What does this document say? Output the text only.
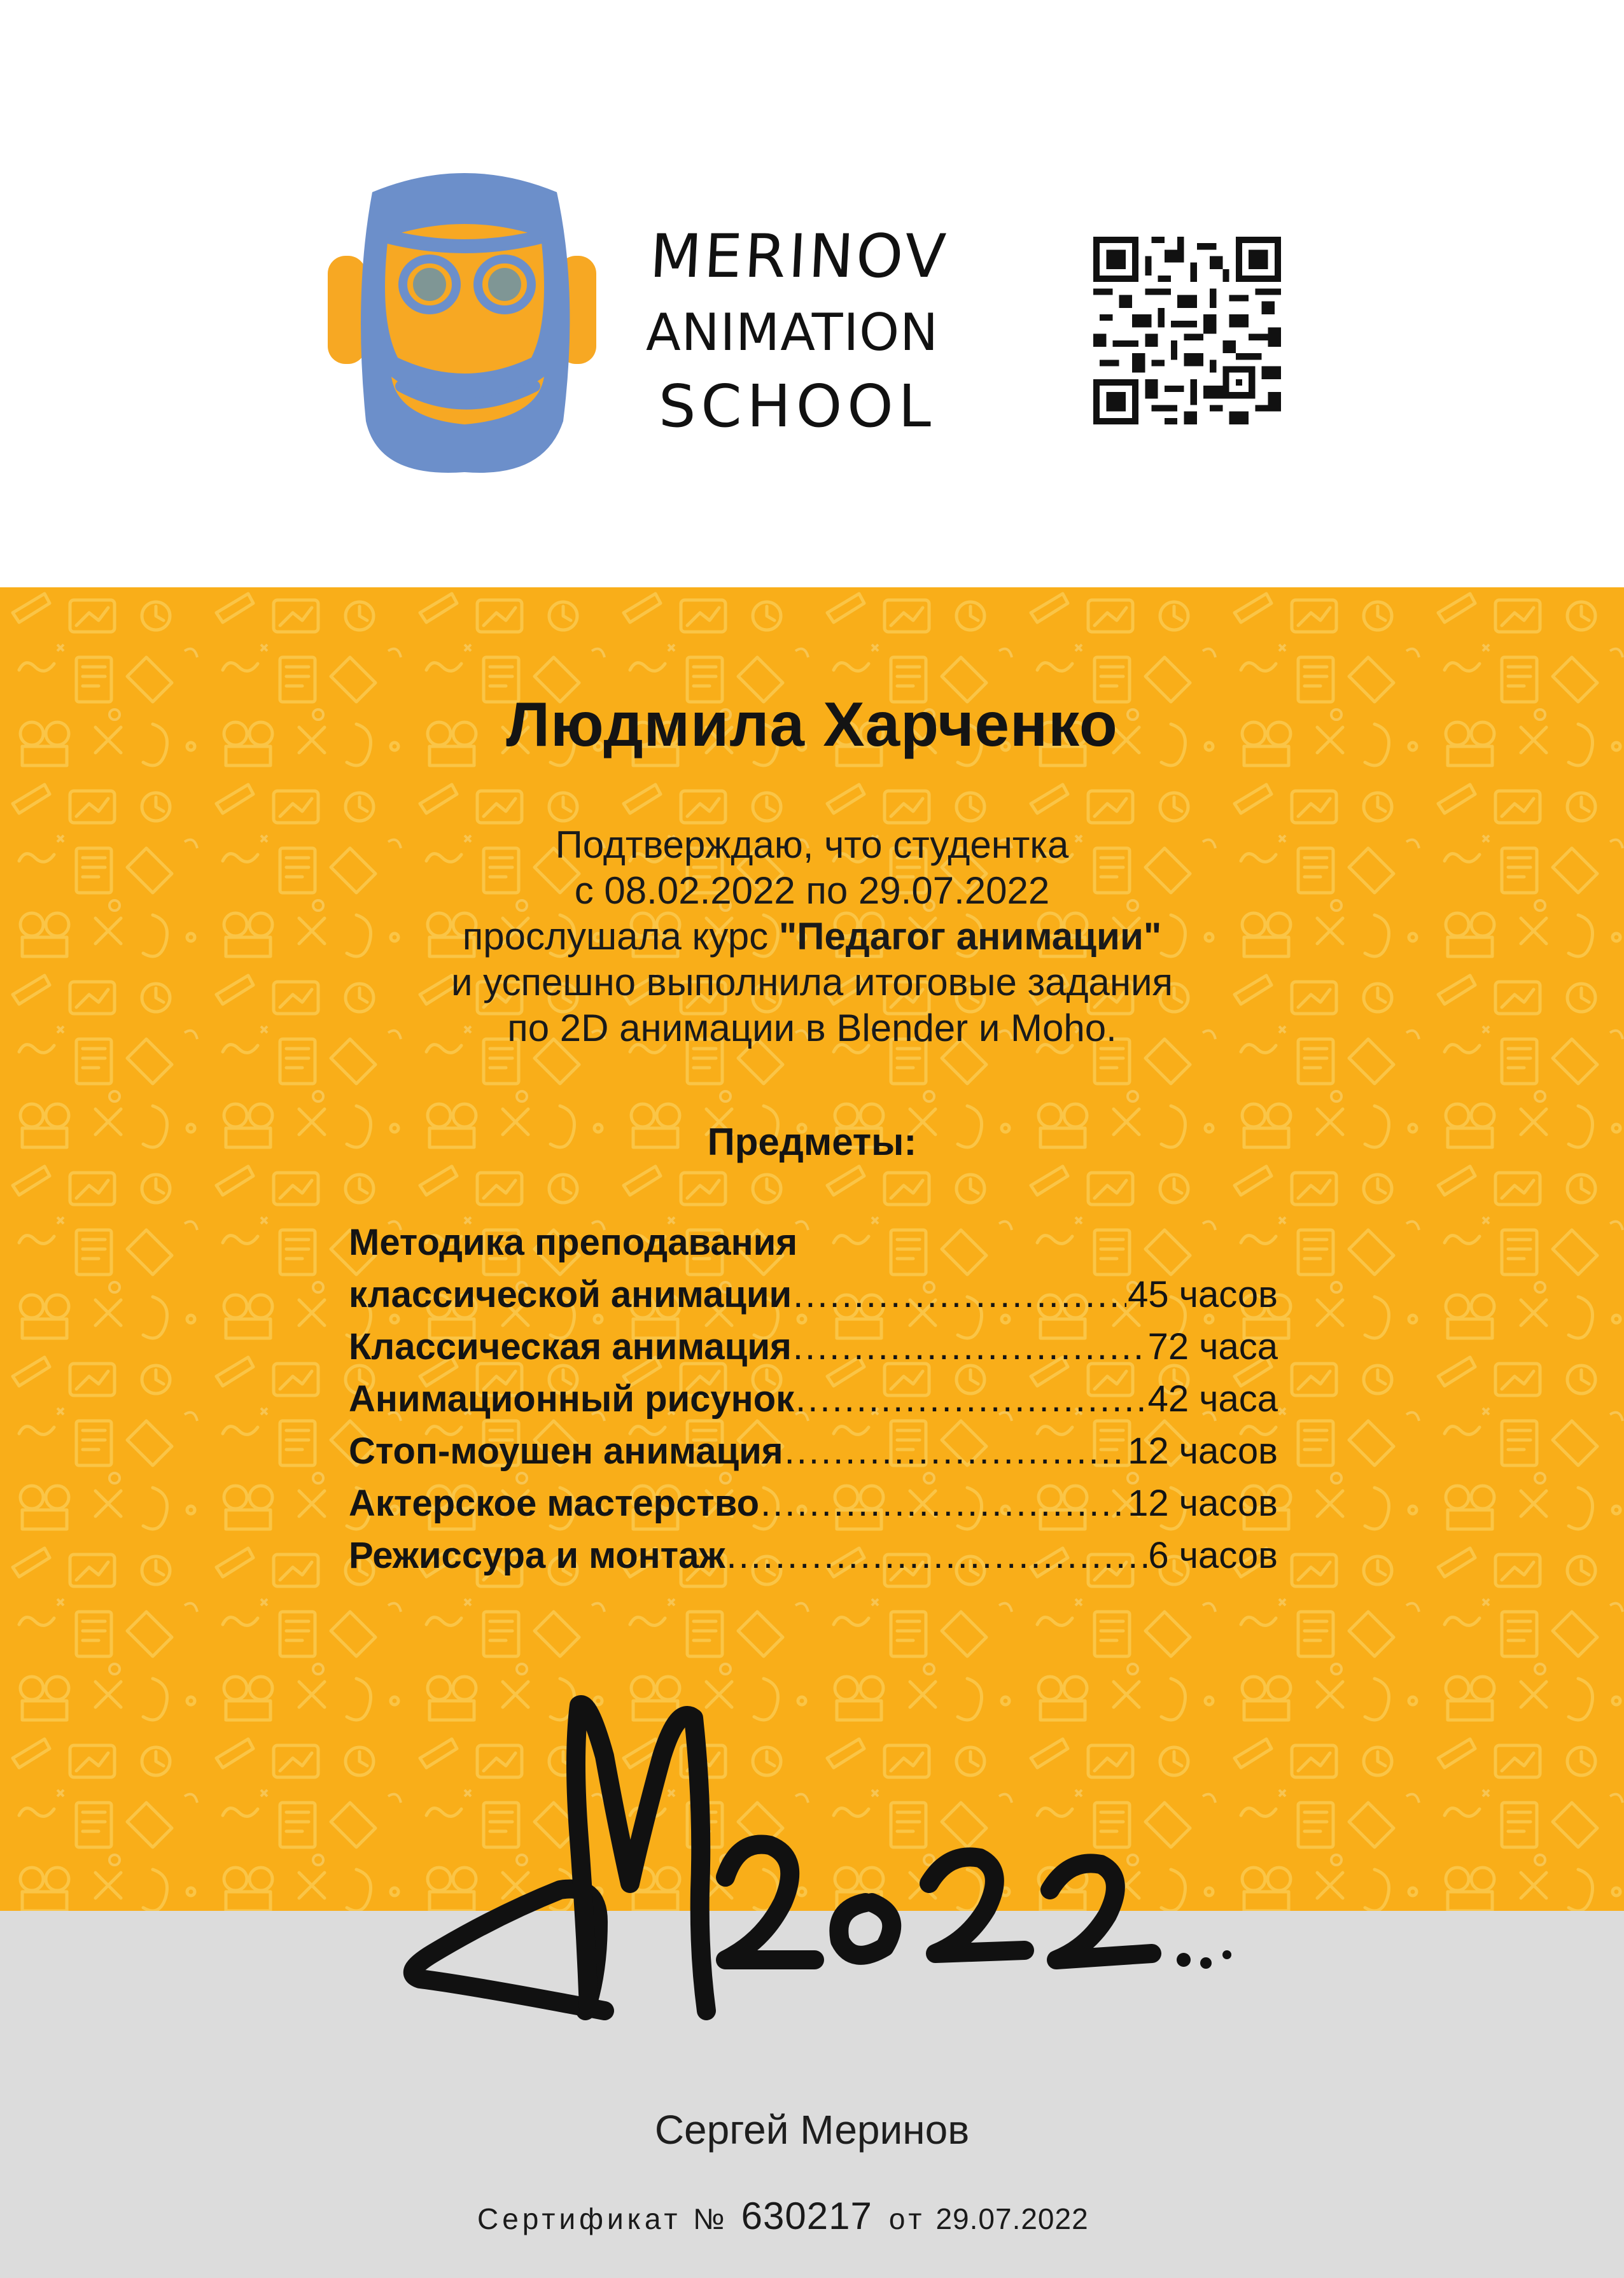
MERINOV
ANIMATION
SCHOOL
Людмила Харченко
Подтверждаю, что студентка
с 08.02.2022 по 29.07.2022
прослушала курс "Педагог анимации"
и успешно выполнила итоговые задания
по 2D анимации в Blender и Moho.
Предметы:
Методика преподавания
классической анимации .....	45 часов
Классическая анимация .....	72 часа
Анимационный рисунок .....	42 часа
Стоп-моушен анимация .....	12 часов
Актерское мастерство .....	12 часов
Режиссура и монтаж .....	6 часов
Сергей Меринов
Сертификат № 630217 от 29.07.2022
